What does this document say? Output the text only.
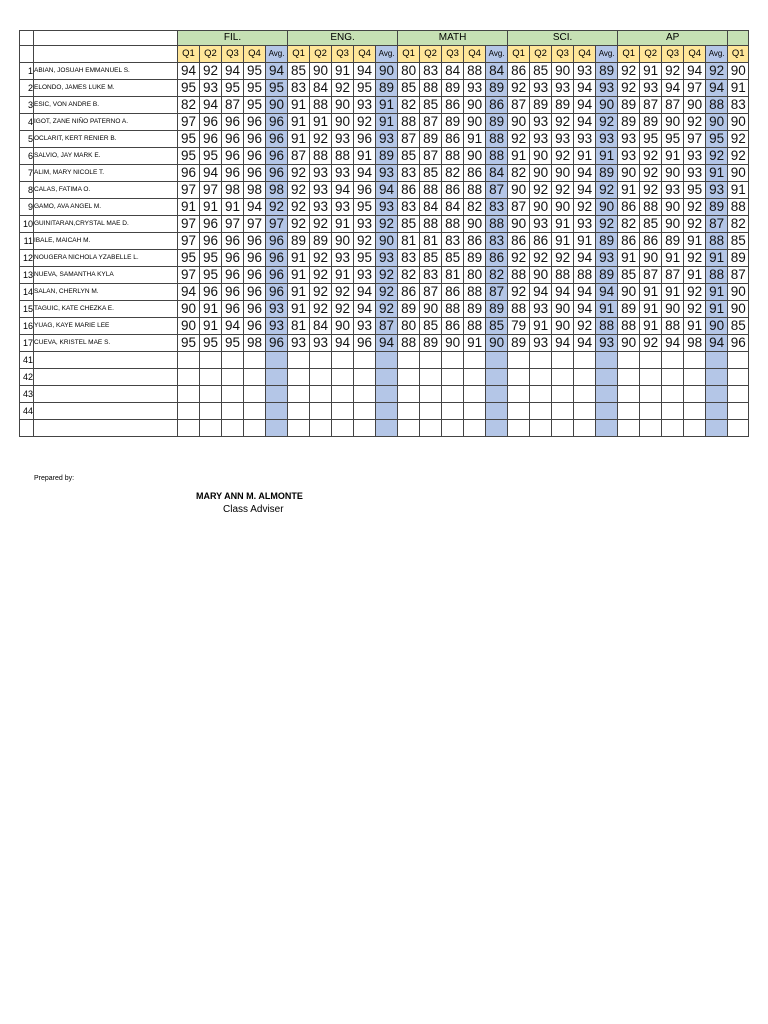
		FIL.					ENG.					MATH					SCI.					AP					
		Q1	Q2	Q3	Q4	Avg.	Q1	Q2	Q3	Q4	Avg.	Q1	Q2	Q3	Q4	Avg.	Q1	Q2	Q3	Q4	Avg.	Q1	Q2	Q3	Q4	Avg.	Q1
1	ABIAN, JOSUAH EMMANUEL S.	94	92	94	95	94	85	90	91	94	90	80	83	84	88	84	86	85	90	93	89	92	91	92	94	92	90
2	ELONDO, JAMES LUKE M.	95	93	95	95	95	83	84	92	95	89	85	88	89	93	89	92	93	93	94	93	92	93	94	97	94	91
3	ESIC, VON ANDRE B.	82	94	87	95	90	91	88	90	93	91	82	85	86	90	86	87	89	89	94	90	89	87	87	90	88	83
4	IGOT, ZANE NIÑO PATERNO A.	97	96	96	96	96	91	91	90	92	91	88	87	89	90	89	90	93	92	94	92	89	89	90	92	90	90
5	OCLARIT, KERT RENIER B.	95	96	96	96	96	91	92	93	96	93	87	89	86	91	88	92	93	93	93	93	93	95	95	97	95	92
6	SALVIO, JAY MARK E.	95	95	96	96	96	87	88	88	91	89	85	87	88	90	88	91	90	92	91	91	93	92	91	93	92	92
7	ALIM, MARY NICOLE T.	96	94	96	96	96	92	93	93	94	93	83	85	82	86	84	82	90	90	94	89	90	92	90	93	91	90
8	CALAS, FATIMA O.	97	97	98	98	98	92	93	94	96	94	86	88	86	88	87	90	92	92	94	92	91	92	93	95	93	91
9	GAMO, AVA ANGEL M.	91	91	91	94	92	92	93	93	95	93	83	84	84	82	83	87	90	90	92	90	86	88	90	92	89	88
10	GUINITARAN,CRYSTAL MAE D.	97	96	97	97	97	92	92	91	93	92	85	88	88	90	88	90	93	91	93	92	82	85	90	92	87	82
11	IBALE, MAICAH M.	97	96	96	96	96	89	89	90	92	90	81	81	83	86	83	86	86	91	91	89	86	86	89	91	88	85
12	NOUGERA NICHOLA YZABELLE L.	95	95	96	96	96	91	92	93	95	93	83	85	85	89	86	92	92	92	94	93	91	90	91	92	91	89
13	NUEVA, SAMANTHA KYLA	97	95	96	96	96	91	92	91	93	92	82	83	81	80	82	88	90	88	88	89	85	87	87	91	88	87
14	SALAN, CHERLYN M.	94	96	96	96	96	91	92	92	94	92	86	87	86	88	87	92	94	94	94	94	90	91	91	92	91	90
15	TAGUIC, KATE CHEZKA E.	90	91	96	96	93	91	92	92	94	92	89	90	88	89	89	88	93	90	94	91	89	91	90	92	91	90
16	YUAG, KAYE MARIE LEE	90	91	94	96	93	81	84	90	93	87	80	85	86	88	85	79	91	90	92	88	88	91	88	91	90	85
17	CUEVA, KRISTEL MAE S.	95	95	95	98	96	93	93	94	96	94	88	89	90	91	90	89	93	94	94	93	90	92	94	98	94	96
41																											
42																											
43																											
44																											

Prepared by:
MARY ANN M. ALMONTE
Class Adviser
